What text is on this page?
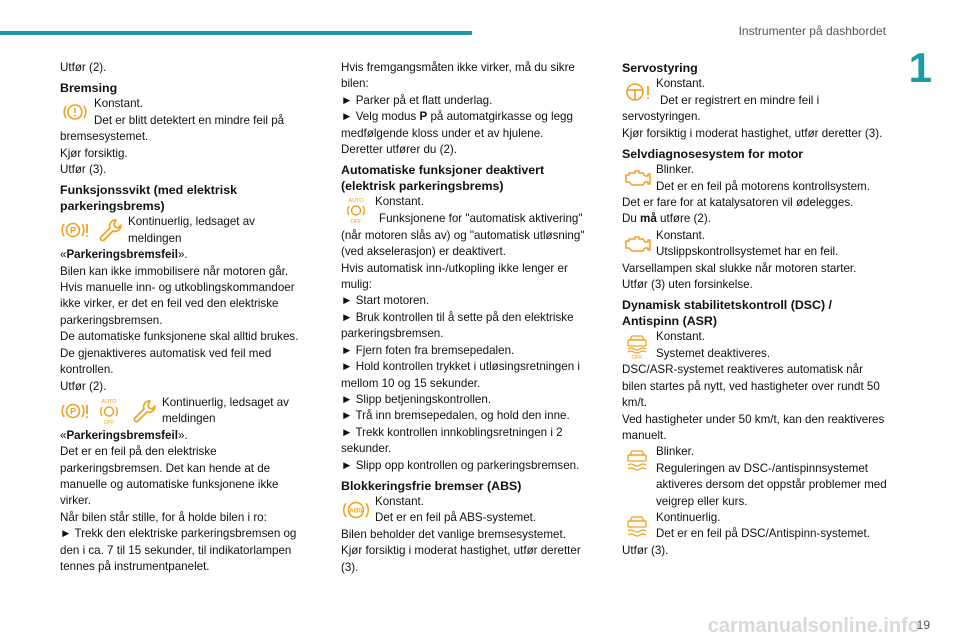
Instrumenter på dashbordet
1

Utfør (2).

Bremsing

Konstant.

Det er blitt detektert en mindre feil på

bremsesystemet.

Kjør forsiktig.

Utfør (3).

Funksjonssvikt (med elektrisk parkeringsbrems)

P

Kontinuerlig, ledsaget av meldingen

«Parkeringsbremsfeil».

Bilen kan ikke immobilisere når motoren går.

Hvis manuelle inn- og utkoblingskommandoer ikke virker, er det en feil ved den elektriske parkeringsbremsen.

De automatiske funksjonene skal alltid brukes.

De gjenaktiveres automatisk ved feil med kontrollen.

Utfør (2).

P
AUTO
OFF

Kontinuerlig, ledsaget av meldingen

«Parkeringsbremsfeil».

Det er en feil på den elektriske parkeringsbremsen. Det kan hende at de manuelle og automatiske funksjonene ikke virker.

Når bilen står stille, for å holde bilen i ro:

► Trekk den elektriske parkeringsbremsen og den i ca. 7 til 15 sekunder, til indikatorlampen tennes på instrumentpanelet.

Hvis fremgangsmåten ikke virker, må du sikre bilen:

► Parker på et flatt underlag.

► Velg modus P på automatgirkasse og legg medfølgende kloss under et av hjulene.

Deretter utfører du (2).

Automatiske funksjoner deaktivert (elektrisk parkeringsbrems)

AUTO
OFF

Konstant.

Funksjonene for "automatisk aktivering" (når motoren slås av) og "automatisk utløsning" (ved akselerasjon) er deaktivert.

Hvis automatisk inn-/utkopling ikke lenger er mulig:

► Start motoren.

► Bruk kontrollen til å sette på den elektriske parkeringsbremsen.

► Fjern foten fra bremsepedalen.

► Hold kontrollen trykket i utløsingsretningen i mellom 10 og 15 sekunder.

► Slipp betjeningskontrollen.

► Trå inn bremsepedalen, og hold den inne.

► Trekk kontrollen innkoblingsretningen i 2 sekunder.

► Slipp opp kontrollen og parkeringsbremsen.

Blokkeringsfrie bremser (ABS)

ABS

Konstant.

Det er en feil på ABS-systemet.

Bilen beholder det vanlige bremsesystemet.

Kjør forsiktig i moderat hastighet, utfør deretter (3).

Servostyring

Konstant.

Det er registrert en mindre feil i servostyringen.

Kjør forsiktig i moderat hastighet, utfør deretter (3).

Selvdiagnosesystem for motor

Blinker.

Det er en feil på motorens kontrollsystem.

Det er fare for at katalysatoren vil ødelegges.

Du må utføre (2).

Konstant.

Utslippskontrollsystemet har en feil.

Varsellampen skal slukke når motoren starter.

Utfør (3) uten forsinkelse.

Dynamisk stabilitetskontroll (DSC) / Antispinn (ASR)

OFF

Konstant.

Systemet deaktiveres.

DSC/ASR-systemet reaktiveres automatisk når bilen startes på nytt, ved hastigheter over rundt 50 km/t.

Ved hastigheter under 50 km/t, kan den reaktiveres manuelt.

Blinker.

Reguleringen av DSC-/antispinnsystemet aktiveres dersom det oppstår problemer med veigrep eller kurs.

Kontinuerlig.

Det er en feil på DSC/Antispinn-systemet.

Utfør (3).

carmanualsonline.info
19
